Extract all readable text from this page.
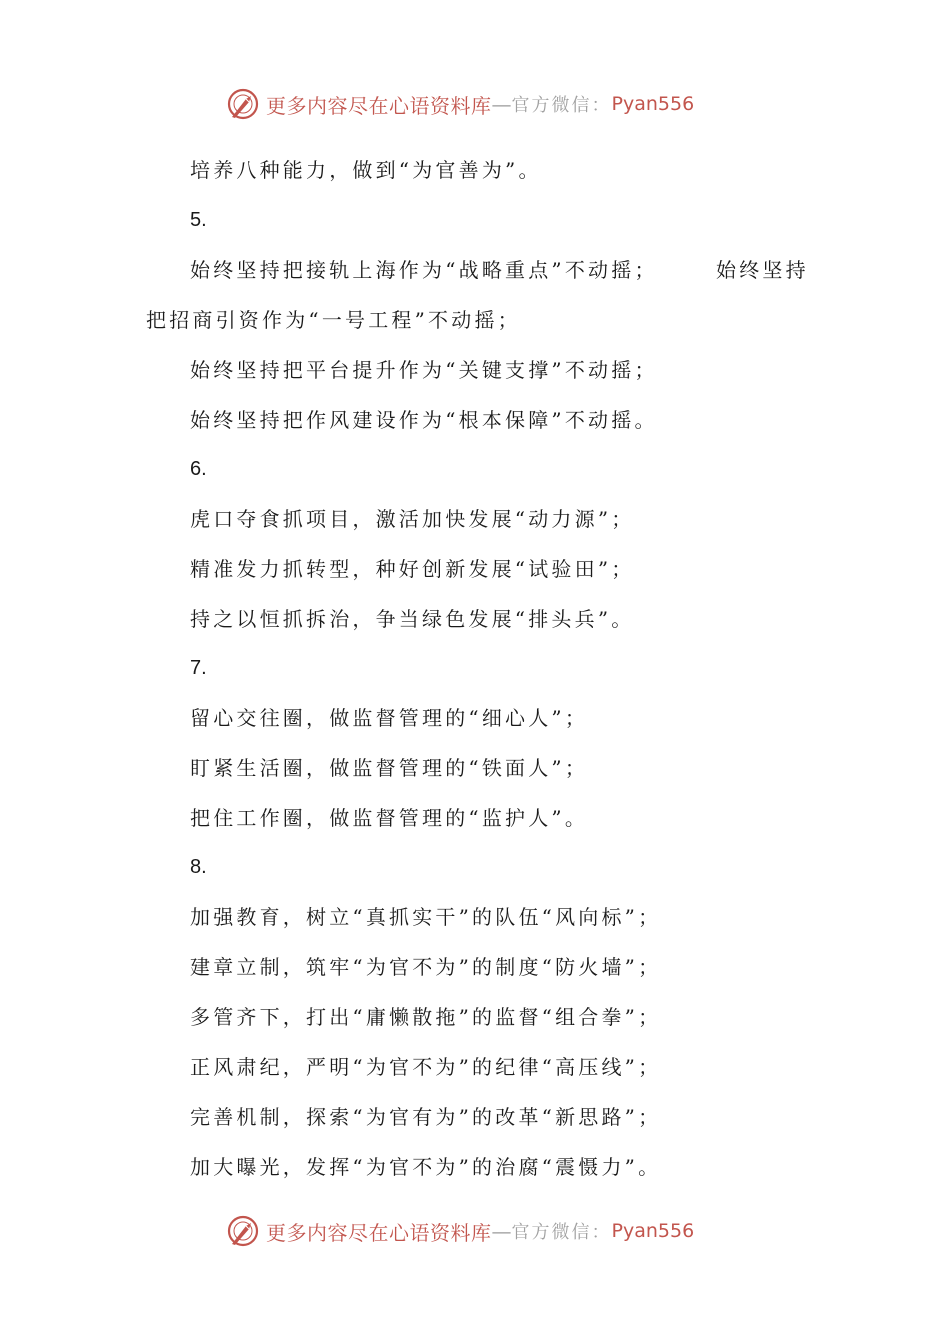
更多内容尽在心语资料库 — 官方微信： Pyan556
培养八种能力，做到“为官善为”。
5.
始终坚持把接轨上海作为“战略重点”不动摇；	始终坚持
把招商引资作为“一号工程”不动摇；
始终坚持把平台提升作为“关键支撑”不动摇；
始终坚持把作风建设作为“根本保障”不动摇。
6.
虎口夺食抓项目，激活加快发展“动力源”；
精准发力抓转型，种好创新发展“试验田”；
持之以恒抓拆治，争当绿色发展“排头兵”。
7.
留心交往圈，做监督管理的“细心人”；
盯紧生活圈，做监督管理的“铁面人”；
把住工作圈，做监督管理的“监护人”。
8.
加强教育，树立“真抓实干”的队伍“风向标”；
建章立制，筑牢“为官不为”的制度“防火墙”；
多管齐下，打出“庸懒散拖”的监督“组合拳”；
正风肃纪，严明“为官不为”的纪律“高压线”；
完善机制，探索“为官有为”的改革“新思路”；
加大曝光，发挥“为官不为”的治腐“震慑力”。
更多内容尽在心语资料库 — 官方微信： Pyan556
